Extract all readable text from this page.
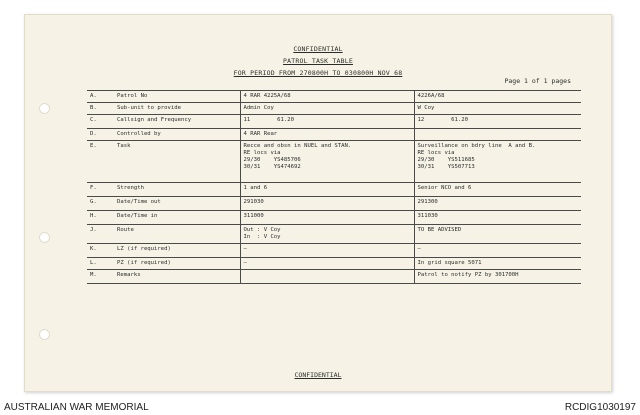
CONFIDENTIAL
PATROL TASK TABLE
FOR PERIOD FROM 270800H TO 030800H NOV 68
Page 1 of 1 pages
A.	Patrol No	4 RAR 4225A/68	4226A/68

B.	Sub-unit to provide	Admin Coy	W Coy

C.	Callsign and Frequency	11        61.20	12        61.20

D.	Controlled by	4 RAR Rear	

E.	Task	Recce and obsn in NUEL and STAN.
RE locs via
29/30    YS485706
30/31    YS474692	Surveillance on bdry line  A and B.
RE locs via
29/30    YS511685
30/31    YS507713

F.	Strength	1 and 6	Senior NCO and 6

G.	Date/Time out	291030	291300

H.	Date/Time in	311000	311030

J.	Route	Out : V Coy
In  : V Coy	TO BE ADVISED

K.	LZ (if required)	—	—

L.	PZ (if required)	—	In grid square 5071

M.	Remarks		Patrol to notify PZ by 301700H
CONFIDENTIAL
AUSTRALIAN WAR MEMORIAL	RCDIG1030197
